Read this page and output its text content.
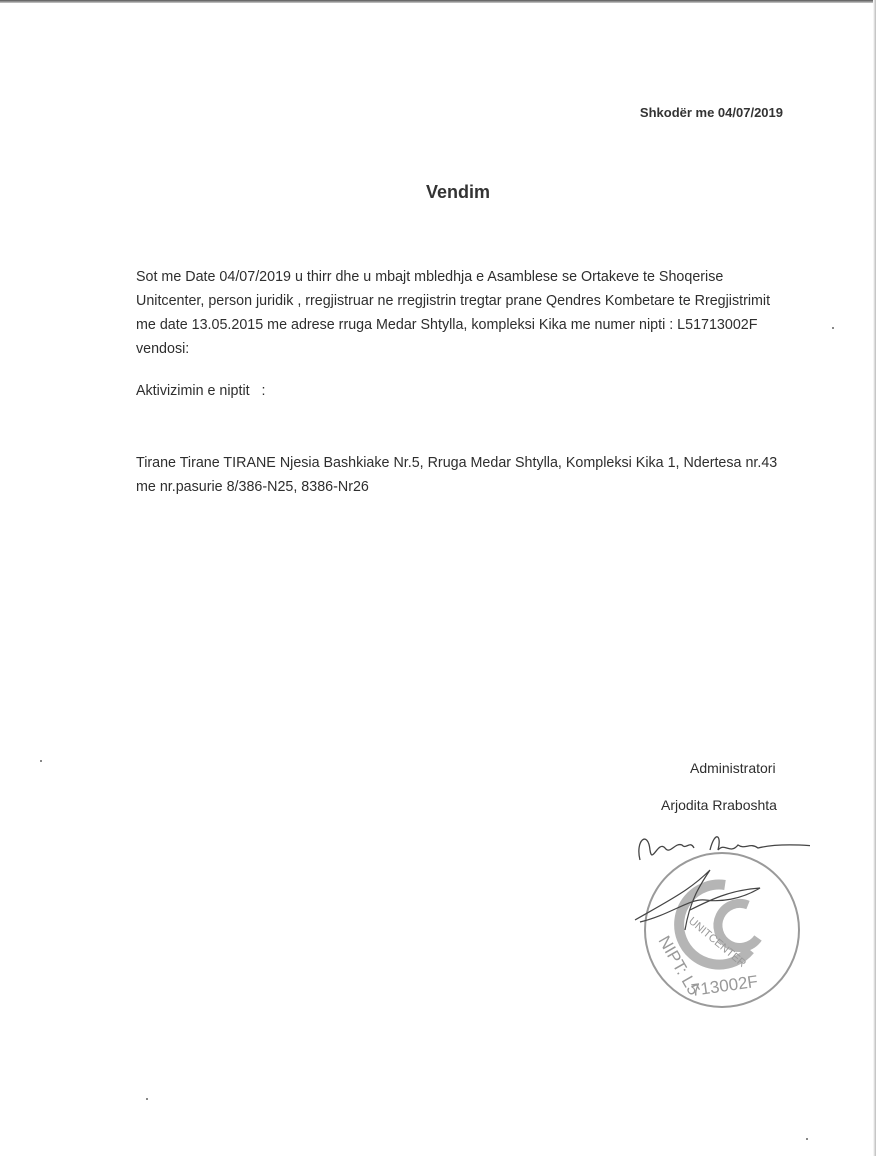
Shkodër me 04/07/2019
Vendim
Sot me Date 04/07/2019 u thirr dhe u mbajt mbledhja e Asamblese se Ortakeve te Shoqerise Unitcenter, person juridik , rregjistruar ne rregjistrin tregtar prane Qendres Kombetare te Rregjistrimit me date 13.05.2015 me adrese rruga Medar Shtylla, kompleksi Kika me numer nipti : L51713002F vendosi:
Aktivizimin e niptit   :
Tirane Tirane TIRANE Njesia Bashkiake Nr.5, Rruga Medar Shtylla, Kompleksi Kika 1, Ndertesa nr.43 me nr.pasurie 8/386-N25, 8386-Nr26
Administratori
Arjodita Rraboshta
UNITCENTER
NIPT: L5
713002F
